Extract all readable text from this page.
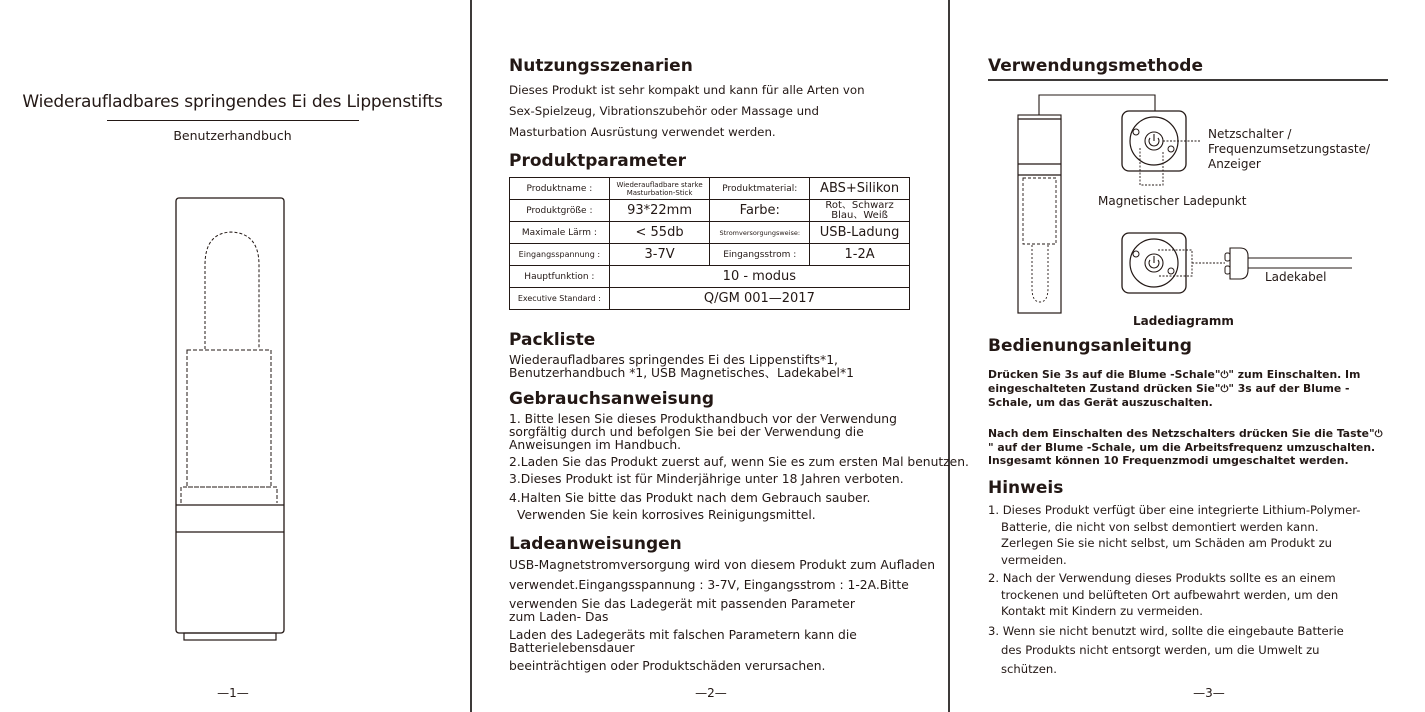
Wiederaufladbares springendes Ei des Lippenstifts
Benutzerhandbuch
—1—
Nutzungsszenarien
Dieses Produkt ist sehr kompakt und kann für alle Arten von
Sex-Spielzeug, Vibrationszubehör oder Massage und
Masturbation Ausrüstung verwendet werden.
Produktparameter
Produktname :	Wiederaufladbare starke Masturbation-Stick	Produktmaterial:	ABS+Silikon
Produktgröße :	93*22mm	Farbe:	Rot、Schwarz Blau、Weiß
Maximale Lärm :	< 55db	Stromversorgungsweise:	USB-Ladung
Eingangsspannung :	3-7V	Eingangsstrom :	1-2A
Hauptfunktion :	10 - modus		
Executive Standard :	Q/GM 001—2017		
Packliste
Wiederaufladbares springendes Ei des Lippenstifts*1,
Benutzerhandbuch *1, USB Magnetisches、Ladekabel*1
Gebrauchsanweisung
1. Bitte lesen Sie dieses Produkthandbuch vor der Verwendung sorgfältig durch und befolgen Sie bei der Verwendung die Anweisungen im Handbuch.
2.Laden Sie das Produkt zuerst auf, wenn Sie es zum ersten Mal benutzen.
3.Dieses Produkt ist für Minderjährige unter 18 Jahren verboten.
4.Halten Sie bitte das Produkt nach dem Gebrauch sauber. Verwenden Sie kein korrosives Reinigungsmittel.
Ladeanweisungen
USB-Magnetstromversorgung wird von diesem Produkt zum Aufladen
verwendet.Eingangsspannung : 3-7V, Eingangsstrom : 1-2A.Bitte
verwenden Sie das Ladegerät mit passenden Parameter zum Laden- Das
Laden des Ladegeräts mit falschen Parametern kann die Batterielebensdauer
beeinträchtigen oder Produktschäden verursachen.
—2—
Verwendungsmethode
Netzschalter /
Frequenzumsetzungstaste/
Anzeiger
Magnetischer Ladepunkt
Ladekabel
Ladediagramm
Bedienungsanleitung
Drücken Sie 3s auf die Blume -Schale"⏻" zum Einschalten. Im eingeschalteten Zustand drücken Sie"⏻" 3s auf der Blume -Schale, um das Gerät auszuschalten.
Nach dem Einschalten des Netzschalters drücken Sie die Taste"⏻" auf der Blume -Schale, um die Arbeitsfrequenz umzuschalten. Insgesamt können 10 Frequenzmodi umgeschaltet werden.
Hinweis
1. Dieses Produkt verfügt über eine integrierte Lithium-Polymer-Batterie, die nicht von selbst demontiert werden kann. Zerlegen Sie sie nicht selbst, um Schäden am Produkt zu vermeiden.
2. Nach der Verwendung dieses Produkts sollte es an einem trockenen und belüfteten Ort aufbewahrt werden, um den Kontakt mit Kindern zu vermeiden.
3. Wenn sie nicht benutzt wird, sollte die eingebaute Batterie des Produkts nicht entsorgt werden, um die Umwelt zu schützen.
—3—
